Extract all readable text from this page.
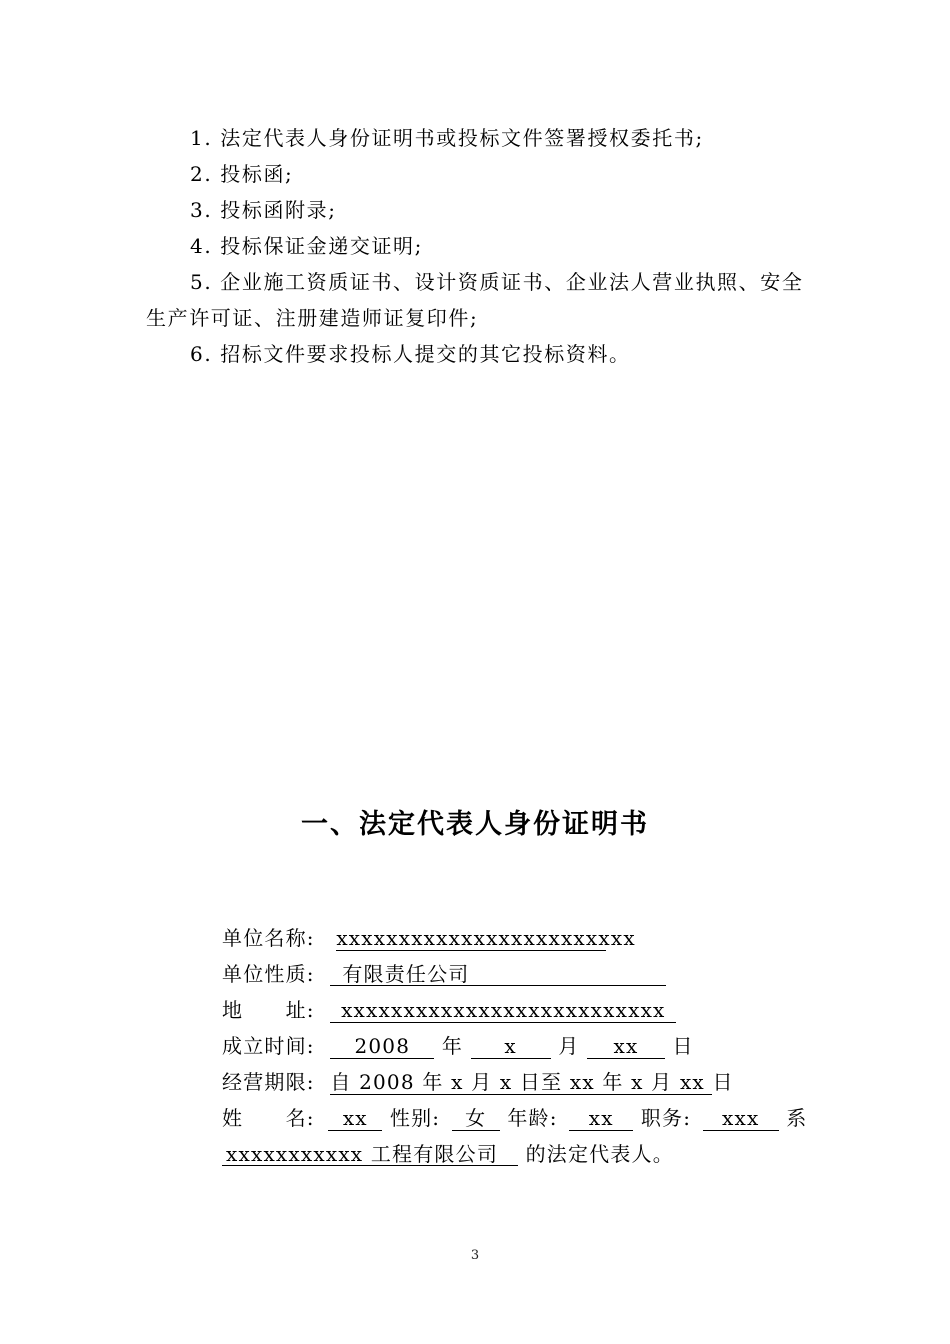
1. 法定代表人身份证明书或投标文件签署授权委托书;
2. 投标函;
3. 投标函附录;
4. 投标保证金递交证明;
5. 企业施工资质证书、设计资质证书、企业法人营业执照、安全生产许可证、注册建造师证复印件;
6. 招标文件要求投标人提交的其它投标资料。
一、法定代表人身份证明书
单位名称: xxxxxxxxxxxxxxxxxxxxxxxx
单位性质: 有限责任公司
地　　址: xxxxxxxxxxxxxxxxxxxxxxxxxx
成立时间: 2008 年 x 月 xx 日
经营期限: 自 2008 年 x 月 x 日至 xx 年 x 月 xx 日
姓　　名: xx 性别: 女 年龄: xx 职务: xxx 系
xxxxxxxxxxx 工程有限公司 的法定代表人。
3
